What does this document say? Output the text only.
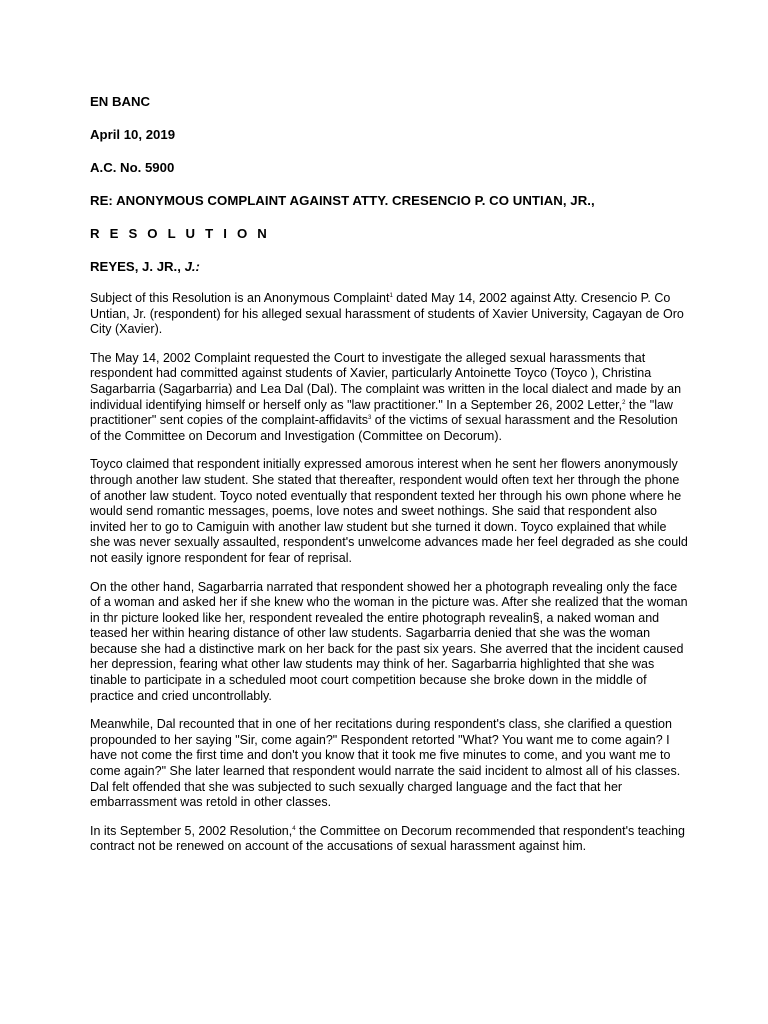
EN BANC

April 10, 2019

A.C. No. 5900

RE: ANONYMOUS COMPLAINT AGAINST ATTY. CRESENCIO P. CO UNTIAN, JR.,

R E S O L U T I O N

REYES, J. JR., J.:

Subject of this Resolution is an Anonymous Complaint$^1$ dated May 14, 2002 against Atty. Cresencio P. Co Untian, Jr. (respondent) for his alleged sexual harassment of students of Xavier University, Cagayan de Oro City (Xavier).

The May 14, 2002 Complaint requested the Court to investigate the alleged sexual harassments that respondent had committed against students of Xavier, particularly Antoinette Toyco (Toyco ), Christina Sagarbarria (Sagarbarria) and Lea Dal (Dal). The complaint was written in the local dialect and made by an individual identifying himself or herself only as "law practitioner." In a September 26, 2002 Letter,$^2$ the "law practitioner" sent copies of the complaint-affidavits$^3$ of the victims of sexual harassment and the Resolution of the Committee on Decorum and Investigation (Committee on Decorum).

Toyco claimed that respondent initially expressed amorous interest when he sent her flowers anonymously through another law student. She stated that thereafter, respondent would often text her through the phone of another law student. Toyco noted eventually that respondent texted her through his own phone where he would send romantic messages, poems, love notes and sweet nothings. She said that respondent also invited her to go to Camiguin with another law student but she turned it down. Toyco explained that while she was never sexually assaulted, respondent's unwelcome advances made her feel degraded as she could not easily ignore respondent for fear of reprisal.

On the other hand, Sagarbarria narrated that respondent showed her a photograph revealing only the face of a woman and asked her if she knew who the woman in the picture was. After she realized that the woman in thr picture looked like her, respondent revealed the entire photograph revealin§, a naked woman and teased her within hearing distance of other law students. Sagarbarria denied that she was the woman because she had a distinctive mark on her back for the past six years. She averred that the incident caused her depression, fearing what other law students may think of her. Sagarbarria highlighted that she was tinable to participate in a scheduled moot court competition because she broke down in the middle of practice and cried uncontrollably.

Meanwhile, Dal recounted that in one of her recitations during respondent's class, she clarified a question propounded to her saying "Sir, come again?" Respondent retorted "What? You want me to come again? I have not come the first time and don't you know that it took me five minutes to come, and you want me to come again?" She later learned that respondent would narrate the said incident to almost all of his classes. Dal felt offended that she was subjected to such sexually charged language and the fact that her embarrassment was retold in other classes.

In its September 5, 2002 Resolution,$^4$ the Committee on Decorum recommended that respondent's teaching contract not be renewed on account of the accusations of sexual harassment against him.
